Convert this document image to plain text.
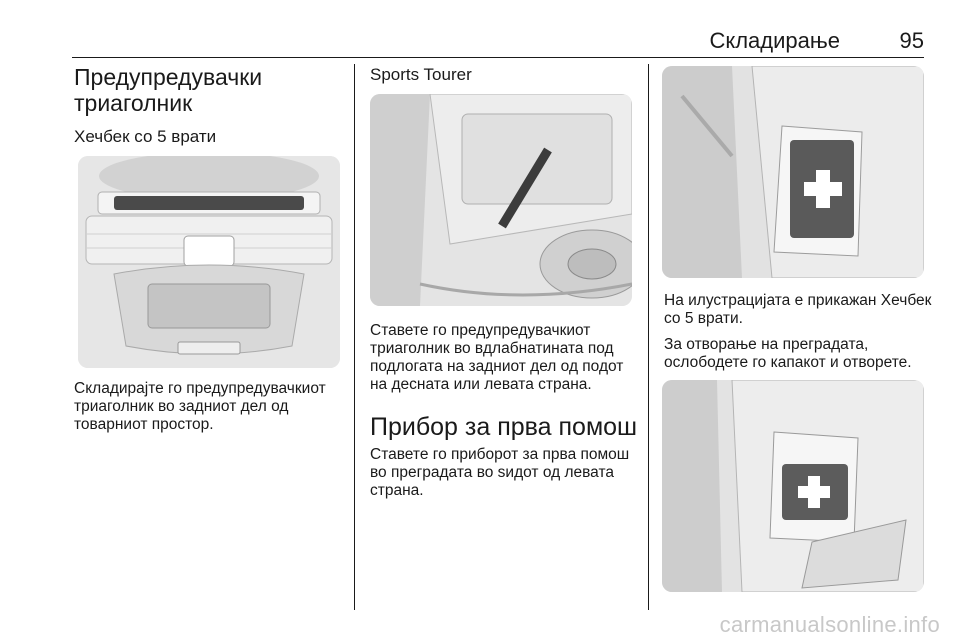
Складирање	95
Предупредувачки триаголник
Хечбек со 5 врати

Складирајте го предупредувачкиот триаголник во задниот дел од товарниот простор.

Sports Tourer

Ставете го предупредувачкиот триаголник во вдлабнатината под подлогата на задниот дел од подот на десната или левата страна.

Прибор за прва помош

Ставете го приборот за прва помош во преградата во ѕидот од левата страна.

На илустрацијата е прикажан Хечбек со 5 врати.

За отворање на преградата, ослободете го капакот и отворете.

carmanualsonline.info
